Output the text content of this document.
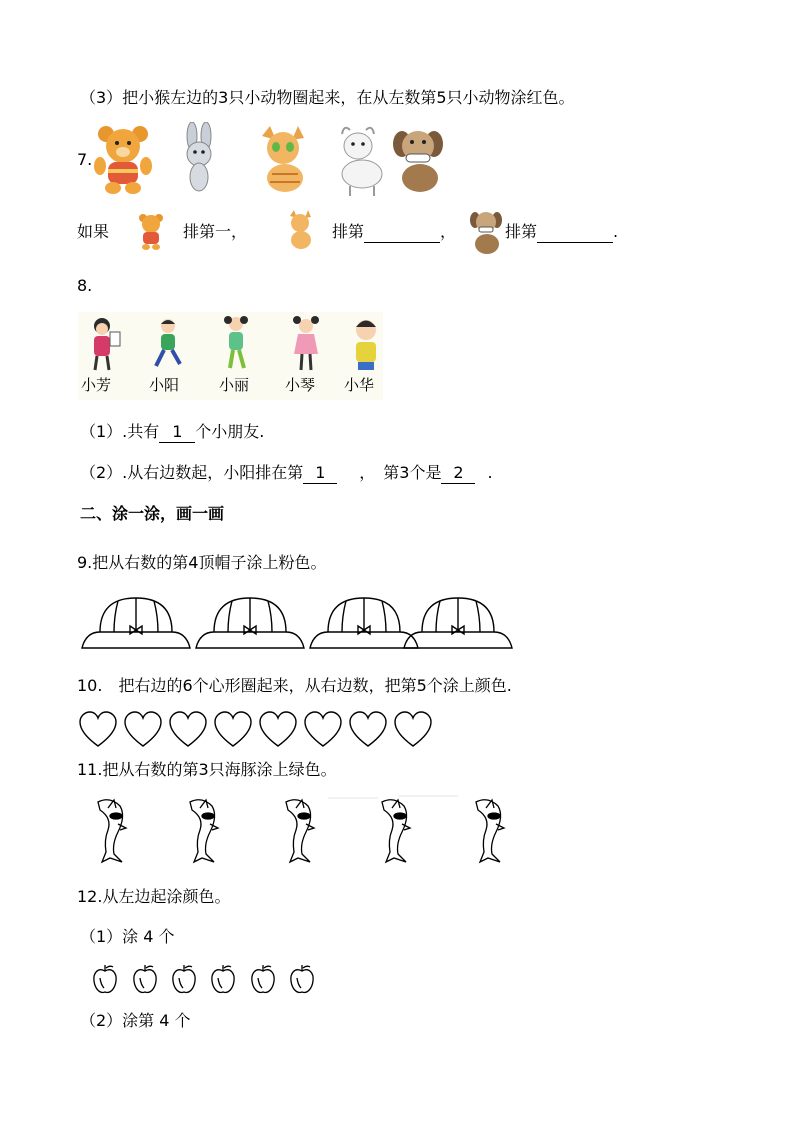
（3）把小猴左边的3只小动物圈起来，在从左数第5只小动物涂红色。
7.
如果	排第一，	排第	，	排第	.
8.
小芳	小阳	小丽 小琴 小华
（1）.共有 1 个小朋友.
（2）.从右边数起，小阳排在第 1 ，　第3个是 2 .
二、涂一涂，画一画
9.把从右数的第4顶帽子涂上粉色。
10.　把右边的6个心形圈起来，从右边数，把第5个涂上颜色.
11.把从右数的第3只海豚涂上绿色。
12.从左边起涂颜色。
（1）涂 4 个
（2）涂第 4 个
